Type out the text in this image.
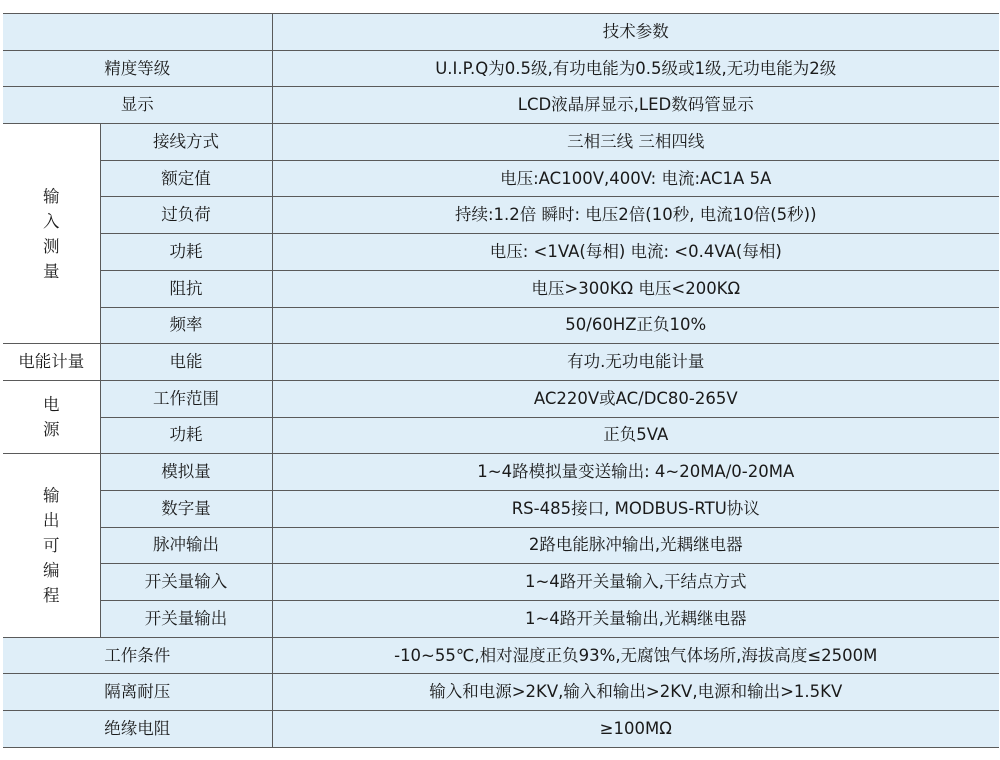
		技术参数
精度等级		U.I.P.Q为0.5级,有功电能为0.5级或1级,无功电能为2级
显示		LCD液晶屏显示,LED数码管显示
输
入
测
量	接线方式	三相三线 三相四线
	额定值	电压:AC100V,400V: 电流:AC1A 5A
	过负荷	持续:1.2倍 瞬时: 电压2倍(10秒, 电流10倍(5秒))
	功耗	电压: <1VA(每相) 电流: <0.4VA(每相)
	阻抗	电压>300KΩ 电压<200KΩ
	频率	50/60HZ正负10%
电能计量	电能	有功.无功电能计量
电
源	工作范围	AC220V或AC/DC80-265V
	功耗	正负5VA
输
出
可
编
程	模拟量	1~4路模拟量变送输出: 4~20MA/0-20MA
	数字量	RS-485接口, MODBUS-RTU协议
	脉冲输出	2路电能脉冲输出,光耦继电器
	开关量输入	1~4路开关量输入,干结点方式
	开关量输出	1~4路开关量输出,光耦继电器
工作条件		-10~55℃,相对湿度正负93%,无腐蚀气体场所,海拔高度≤2500M
隔离耐压		输入和电源>2KV,输入和输出>2KV,电源和输出>1.5KV
绝缘电阻		≥100MΩ
